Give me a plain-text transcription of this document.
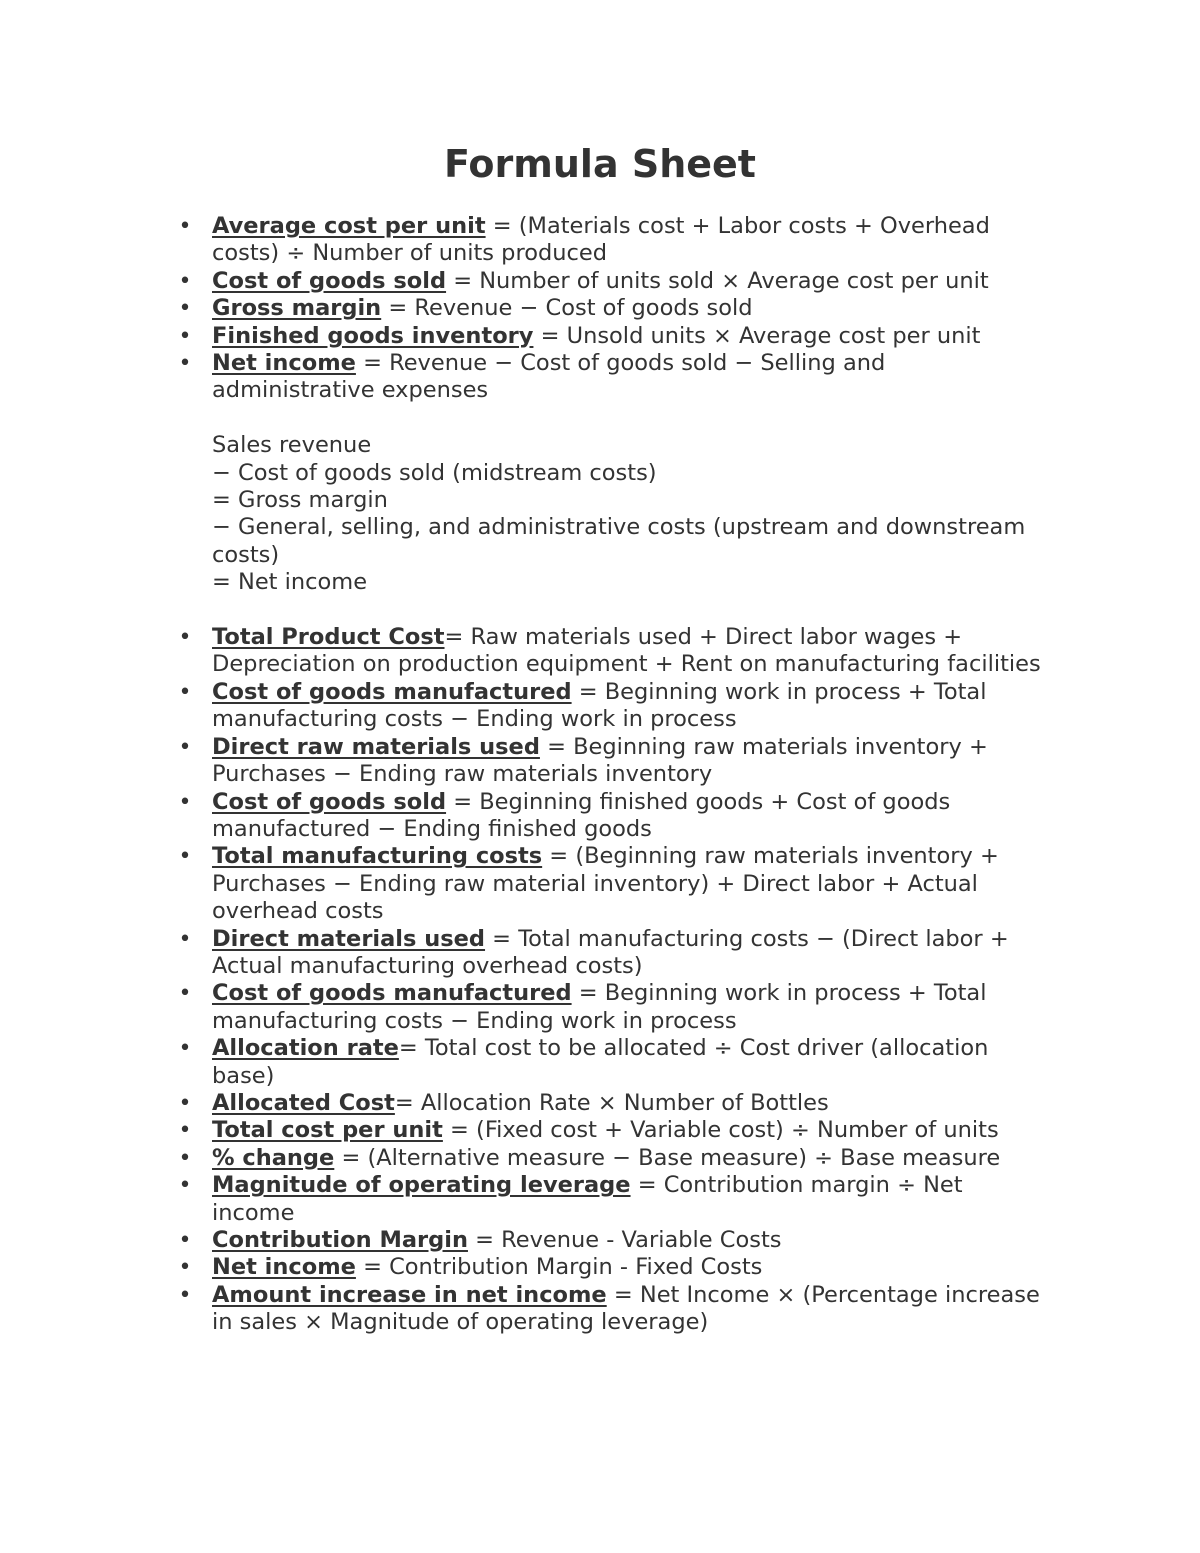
Formula Sheet
• Average cost per unit = (Materials cost + Labor costs + Overhead costs) ÷ Number of units produced
• Cost of goods sold = Number of units sold × Average cost per unit
• Gross margin = Revenue − Cost of goods sold
• Finished goods inventory = Unsold units × Average cost per unit
• Net income = Revenue − Cost of goods sold − Selling and administrative expenses
Sales revenue
− Cost of goods sold (midstream costs)
= Gross margin
− General, selling, and administrative costs (upstream and downstream costs)
= Net income
• Total Product Cost= Raw materials used + Direct labor wages + Depreciation on production equipment + Rent on manufacturing facilities
• Cost of goods manufactured = Beginning work in process + Total manufacturing costs − Ending work in process
• Direct raw materials used = Beginning raw materials inventory + Purchases − Ending raw materials inventory
• Cost of goods sold = Beginning finished goods + Cost of goods manufactured − Ending finished goods
• Total manufacturing costs = (Beginning raw materials inventory + Purchases − Ending raw material inventory) + Direct labor + Actual overhead costs
• Direct materials used = Total manufacturing costs − (Direct labor + Actual manufacturing overhead costs)
• Cost of goods manufactured = Beginning work in process + Total manufacturing costs − Ending work in process
• Allocation rate= Total cost to be allocated ÷ Cost driver (allocation base)
• Allocated Cost= Allocation Rate × Number of Bottles
• Total cost per unit = (Fixed cost + Variable cost) ÷ Number of units
• % change = (Alternative measure − Base measure) ÷ Base measure
• Magnitude of operating leverage = Contribution margin ÷ Net income
• Contribution Margin = Revenue - Variable Costs
• Net income = Contribution Margin - Fixed Costs
• Amount increase in net income = Net Income × (Percentage increase in sales × Magnitude of operating leverage)
